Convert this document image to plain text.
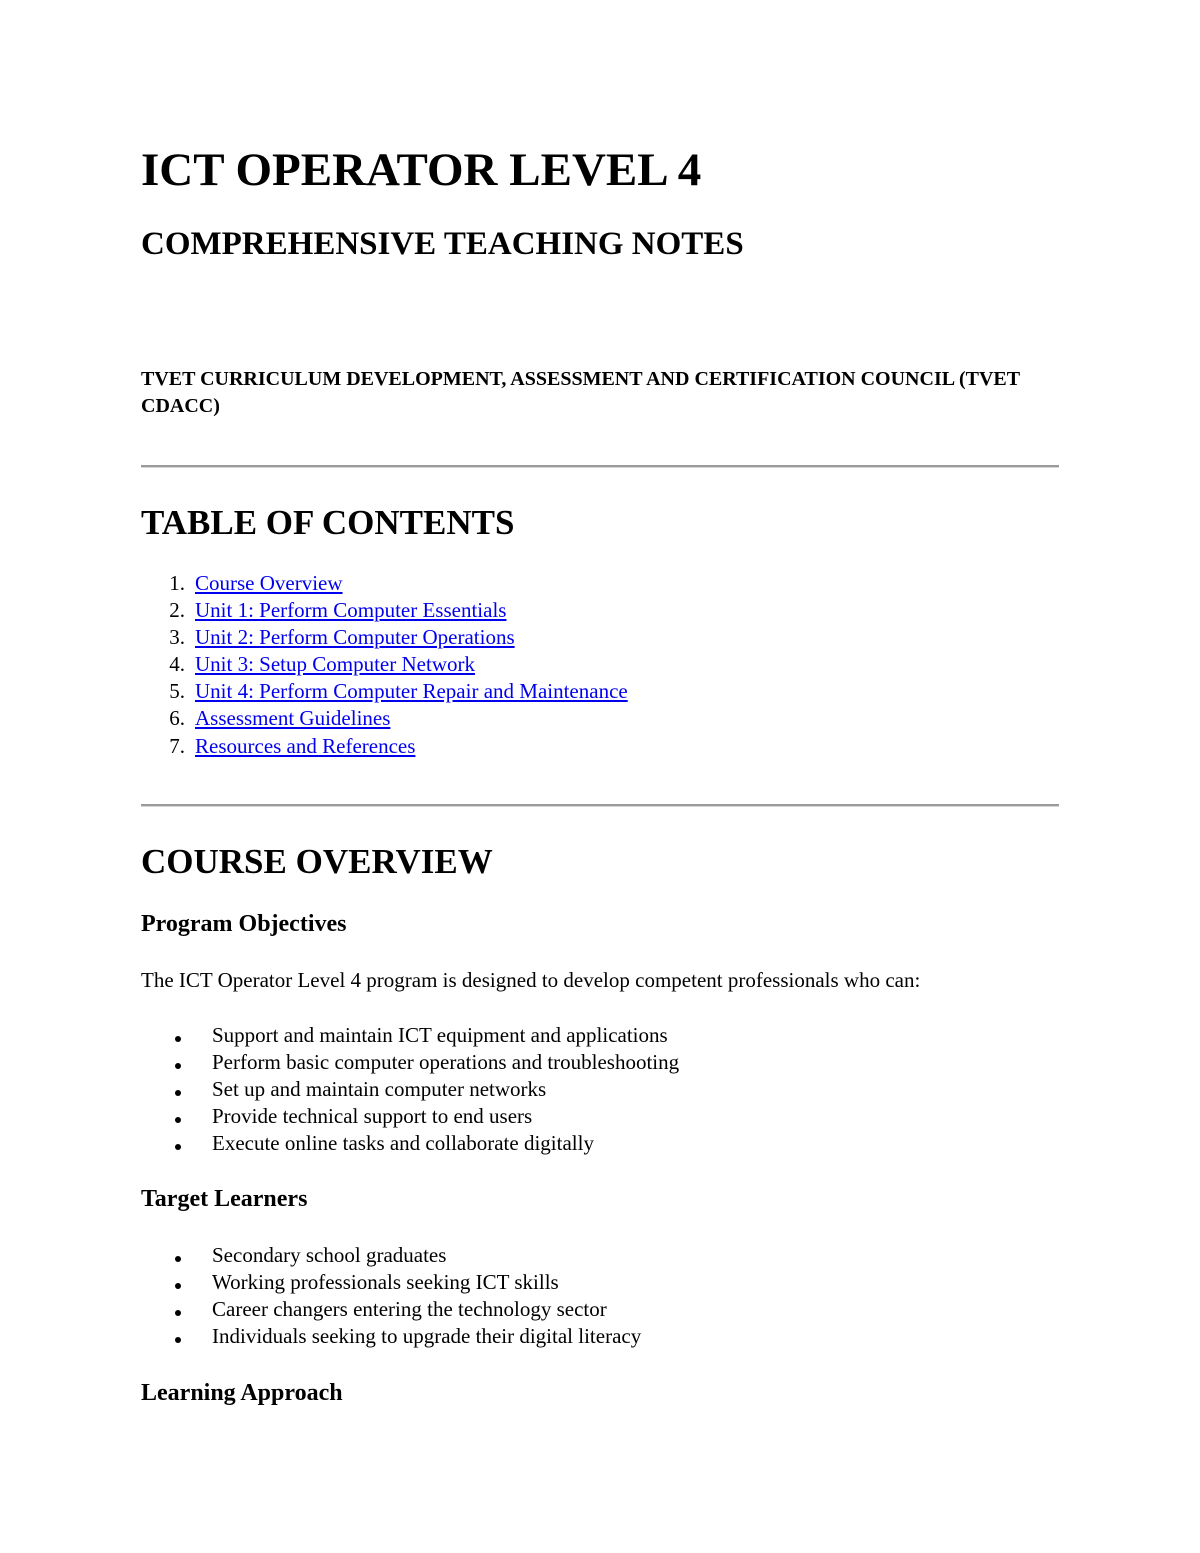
ICT OPERATOR LEVEL 4
COMPREHENSIVE TEACHING NOTES

TVET CURRICULUM DEVELOPMENT, ASSESSMENT AND CERTIFICATION COUNCIL (TVET CDACC)

TABLE OF CONTENTS
1. Course Overview
2. Unit 1: Perform Computer Essentials
3. Unit 2: Perform Computer Operations
4. Unit 3: Setup Computer Network
5. Unit 4: Perform Computer Repair and Maintenance
6. Assessment Guidelines
7. Resources and References
COURSE OVERVIEW
Program Objectives

The ICT Operator Level 4 program is designed to develop competent professionals who can:

Support and maintain ICT equipment and applications
Perform basic computer operations and troubleshooting
Set up and maintain computer networks
Provide technical support to end users
Execute online tasks and collaborate digitally
Target Learners
Secondary school graduates
Working professionals seeking ICT skills
Career changers entering the technology sector
Individuals seeking to upgrade their digital literacy
Learning Approach
